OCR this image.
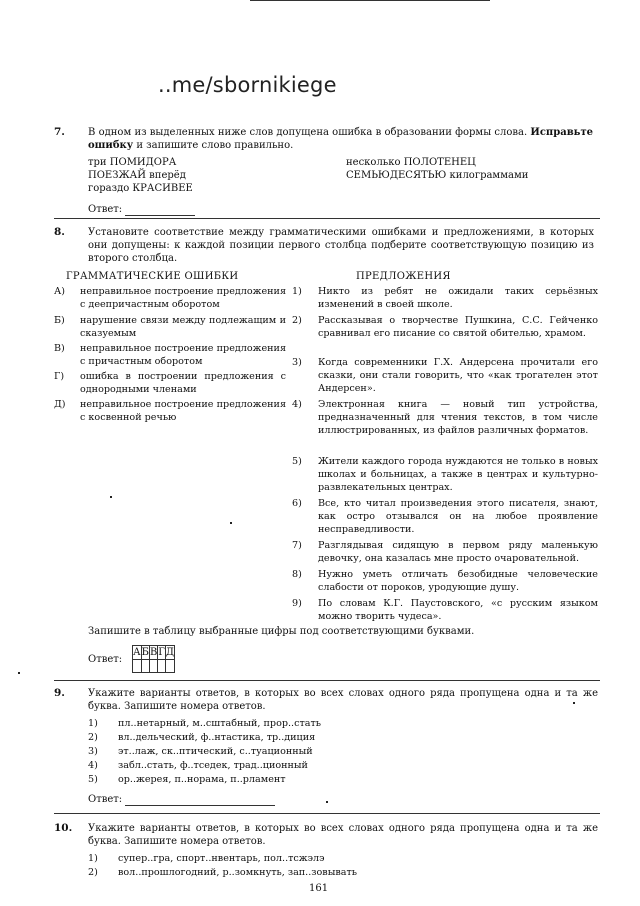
..me/sbornikiege
7. В одном из выделенных ниже слов допущена ошибка в образовании формы слова. Исправьте ошибку и запишите слово правильно.
три ПОМИДОРА
ПОЕЗЖАЙ вперёд
гораздо КРАСИВЕЕ
несколько ПОЛОТЕНЕЦ
СЕМЬЮДЕСЯТЬЮ килограммами
Ответ:
8. Установите соответствие между грамматическими ошибками и предложениями, в которых они допущены: к каждой позиции первого столбца подберите соответствующую позицию из второго столбца.
ГРАММАТИЧЕСКИЕ ОШИБКИ	ПРЕДЛОЖЕНИЯ
А) неправильное построение предложения с деепричастным оборотом
Б) нарушение связи между подлежащим и сказуемым
В) неправильное построение предложения с причастным оборотом
Г) ошибка в построении предложения с однородными членами
Д) неправильное построение предложения с косвенной речью
1) Никто из ребят не ожидали таких серьёзных изменений в своей школе.
2) Рассказывая о творчестве Пушкина, С.С. Гейченко сравнивал его писание со святой обителью, храмом.
3) Когда современники Г.Х. Андерсена прочитали его сказки, они стали говорить, что «как трогателен этот Андерсен».
4) Электронная книга — новый тип устройства, предназначенный для чтения текстов, в том числе иллюстрированных, из файлов различных форматов.
5) Жители каждого города нуждаются не только в новых школах и больницах, а также в центрах и культурно-развлекательных центрах.
6) Все, кто читал произведения этого писателя, знают, как остро отзывался он на любое проявление несправедливости.
7) Разглядывая сидящую в первом ряду маленькую девочку, она казалась мне просто очаровательной.
8) Нужно уметь отличать безобидные человеческие слабости от пороков, уродующие душу.
9) По словам К.Г. Паустовского, «с русским языком можно творить чудеса».
Запишите в таблицу выбранные цифры под соответствующими буквами.
Ответ:
А	Б	В	Г	Д

9. Укажите варианты ответов, в которых во всех словах одного ряда пропущена одна и та же буква. Запишите номера ответов.
1) пл..нетарный, м..сштабный, прор..стать
2) вл..дельческий, ф..нтастика, тр..диция
3) эт..лаж, ск..птический, с..туационный
4) забл..стать, ф..тседек, трад..ционный
5) ор..жерея, п..норама, п..рламент
Ответ:
10. Укажите варианты ответов, в которых во всех словах одного ряда пропущена одна и та же буква. Запишите номера ответов.
1) супер..гра, спорт..нвентарь, пол..тсжэлэ
2) вол..прошлогодний, р..зомкнуть, зап..зовывать
161
